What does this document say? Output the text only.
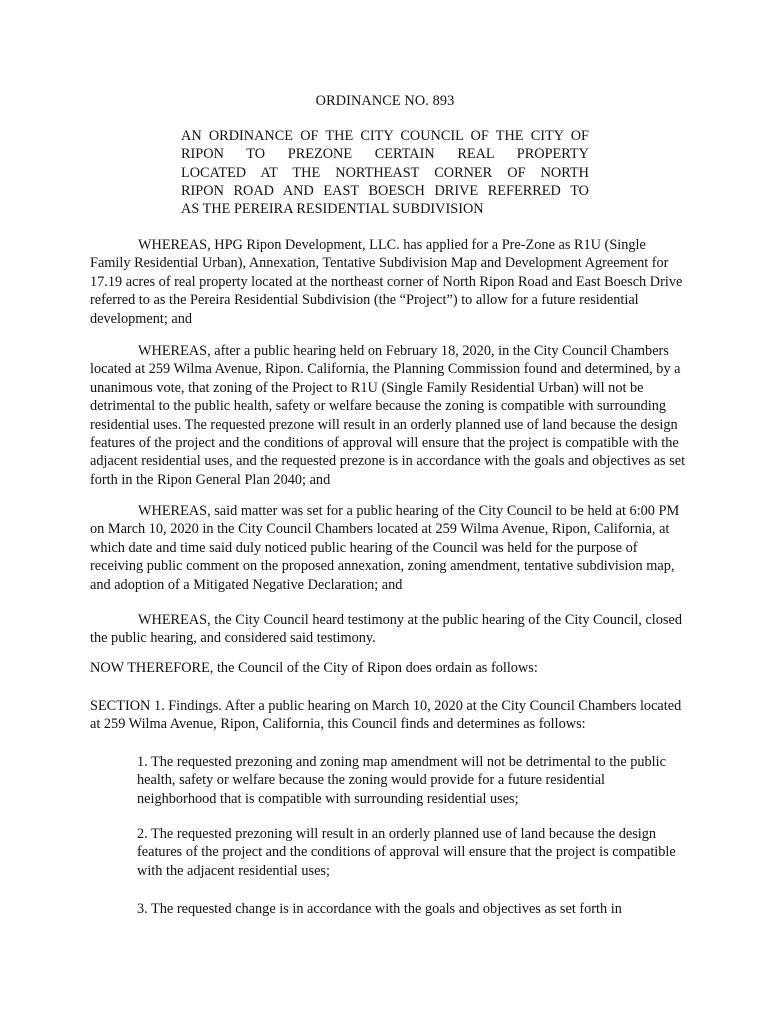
ORDINANCE NO. 893
AN ORDINANCE OF THE CITY COUNCIL OF THE CITY OF
RIPON TO PREZONE CERTAIN REAL PROPERTY
LOCATED AT THE NORTHEAST CORNER OF NORTH
RIPON ROAD AND EAST BOESCH DRIVE REFERRED TO
AS THE PEREIRA RESIDENTIAL SUBDIVISION
WHEREAS, HPG Ripon Development, LLC. has applied for a Pre-Zone as R1U (Single Family Residential Urban), Annexation, Tentative Subdivision Map and Development Agreement for 17.19 acres of real property located at the northeast corner of North Ripon Road and East Boesch Drive referred to as the Pereira Residential Subdivision (the “Project”) to allow for a future residential development; and
WHEREAS, after a public hearing held on February 18, 2020, in the City Council Chambers located at 259 Wilma Avenue, Ripon. California, the Planning Commission found and determined, by a unanimous vote, that zoning of the Project to R1U (Single Family Residential Urban) will not be detrimental to the public health, safety or welfare because the zoning is compatible with surrounding residential uses. The requested prezone will result in an orderly planned use of land because the design features of the project and the conditions of approval will ensure that the project is compatible with the adjacent residential uses, and the requested prezone is in accordance with the goals and objectives as set forth in the Ripon General Plan 2040; and
WHEREAS, said matter was set for a public hearing of the City Council to be held at 6:00 PM on March 10, 2020 in the City Council Chambers located at 259 Wilma Avenue, Ripon, California, at which date and time said duly noticed public hearing of the Council was held for the purpose of receiving public comment on the proposed annexation, zoning amendment, tentative subdivision map, and adoption of a Mitigated Negative Declaration; and
WHEREAS, the City Council heard testimony at the public hearing of the City Council, closed the public hearing, and considered said testimony.
NOW THEREFORE, the Council of the City of Ripon does ordain as follows:
SECTION 1. Findings. After a public hearing on March 10, 2020 at the City Council Chambers located at 259 Wilma Avenue, Ripon, California, this Council finds and determines as follows:
1. The requested prezoning and zoning map amendment will not be detrimental to the public health, safety or welfare because the zoning would provide for a future residential neighborhood that is compatible with surrounding residential uses;
2. The requested prezoning will result in an orderly planned use of land because the design features of the project and the conditions of approval will ensure that the project is compatible with the adjacent residential uses;
3. The requested change is in accordance with the goals and objectives as set forth in
